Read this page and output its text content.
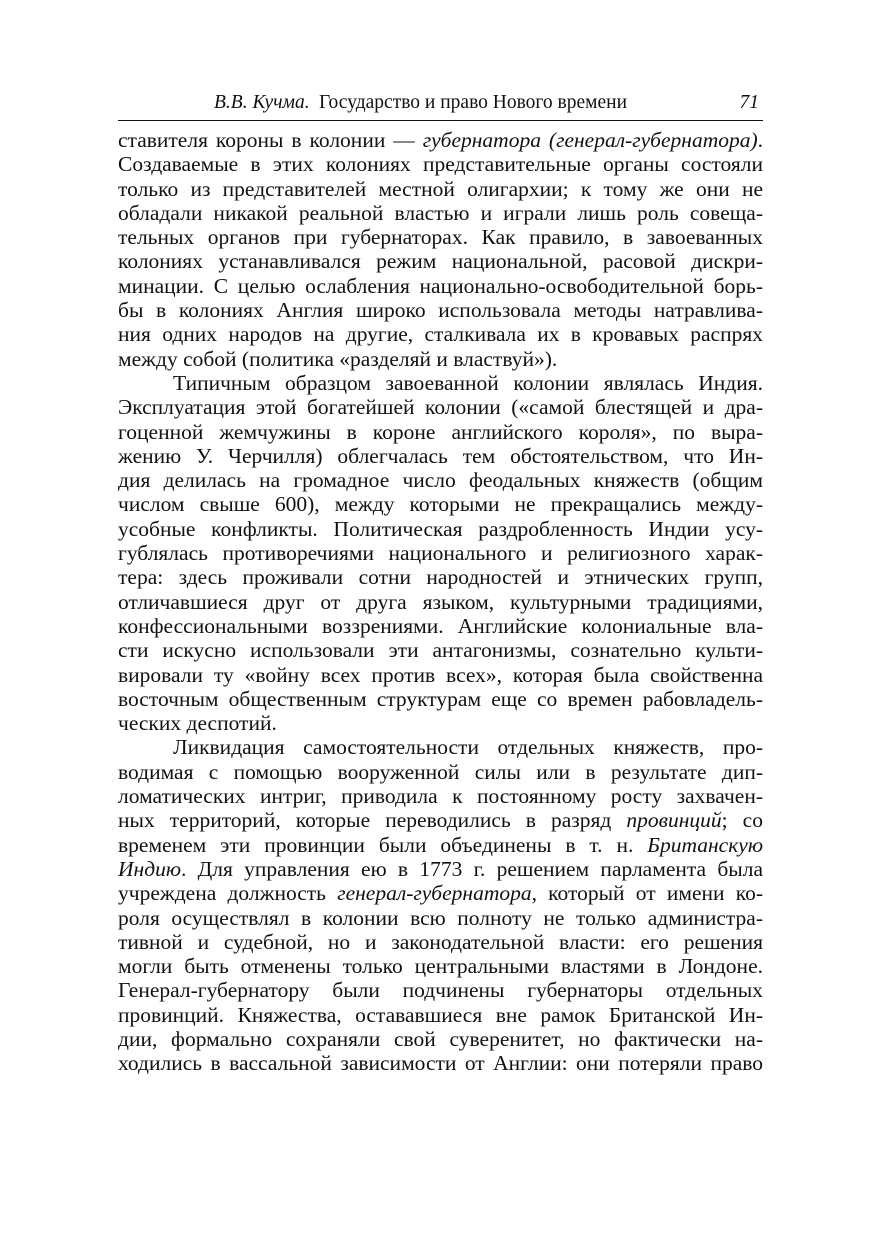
В.В. Кучма. Государство и право Нового времени	71
ставителя короны в колонии — губернатора (генерал-губернатора).
Создаваемые в этих колониях представительные органы состояли
только из представителей местной олигархии; к тому же они не
обладали никакой реальной властью и играли лишь роль совеща-
тельных органов при губернаторах. Как правило, в завоеванных
колониях устанавливался режим национальной, расовой дискри-
минации. С целью ослабления национально-освободительной борь-
бы в колониях Англия широко использовала методы натравлива-
ния одних народов на другие, сталкивала их в кровавых распрях
между собой (политика «разделяй и властвуй»).
Типичным образцом завоеванной колонии являлась Индия.
Эксплуатация этой богатейшей колонии («самой блестящей и дра-
гоценной жемчужины в короне английского короля», по выра-
жению У. Черчилля) облегчалась тем обстоятельством, что Ин-
дия делилась на громадное число феодальных княжеств (общим
числом свыше 600), между которыми не прекращались междy-
усобные конфликты. Политическая раздробленность Индии усу-
гублялась противоречиями национального и религиозного харак-
тера: здесь проживали сотни народностей и этнических групп,
отличавшиеся друг от друга языком, культурными традициями,
конфессиональными воззрениями. Английские колониальные вла-
сти искусно использовали эти антагонизмы, сознательно культи-
вировали ту «войну всех против всех», которая была свойственна
восточным общественным структурам еще со времен рабовладель-
ческих деспотий.
Ликвидация самостоятельности отдельных княжеств, про-
водимая с помощью вооруженной силы или в результате дип-
ломатических интриг, приводила к постоянному росту захвачен-
ных территорий, которые переводились в разряд провинций; со
временем эти провинции были объединены в т. н. Британскую
Индию. Для управления ею в 1773 г. решением парламента была
учреждена должность генерал-губернатора, который от имени ко-
роля осуществлял в колонии всю полноту не только администра-
тивной и судебной, но и законодательной власти: его решения
могли быть отменены только центральными властями в Лондоне.
Генерал-губернатору были подчинены губернаторы отдельных
провинций. Княжества, остававшиеся вне рамок Британской Ин-
дии, формально сохраняли свой суверенитет, но фактически на-
ходились в вассальной зависимости от Англии: они потеряли право
